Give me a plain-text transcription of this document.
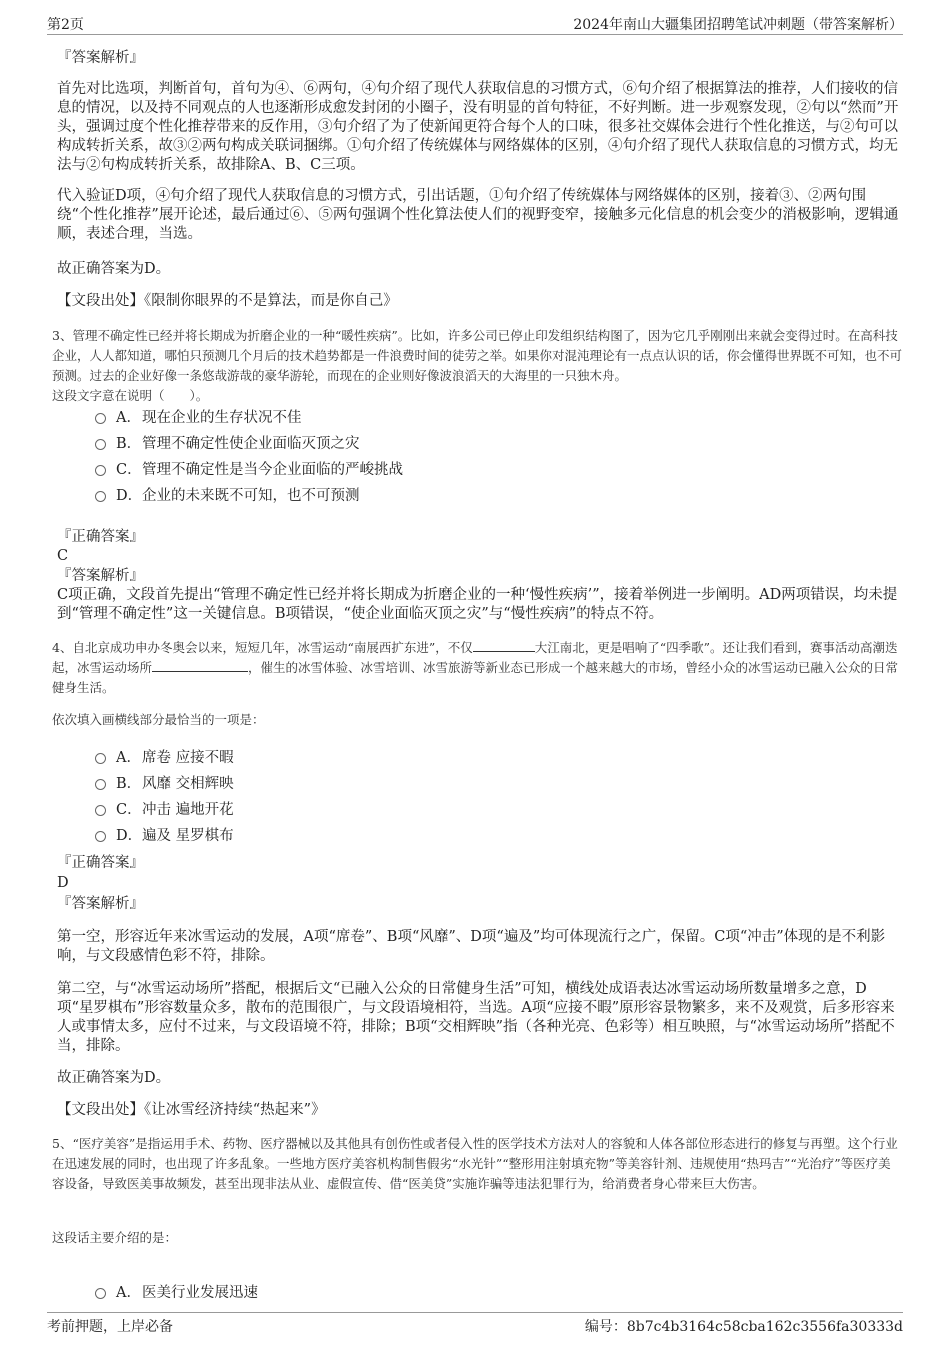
第2页	2024年南山大疆集团招聘笔试冲刺题（带答案解析）
『答案解析』
首先对比选项，判断首句，首句为④、⑥两句，④句介绍了现代人获取信息的习惯方式，⑥句介绍了根据算法的推荐，人们接收的信息的情况，以及持不同观点的人也逐渐形成愈发封闭的小圈子，没有明显的首句特征，不好判断。进一步观察发现，②句以“然而”开头，强调过度个性化推荐带来的反作用，③句介绍了为了使新闻更符合每个人的口味，很多社交媒体会进行个性化推送，与②句可以构成转折关系，故③②两句构成关联词捆绑。①句介绍了传统媒体与网络媒体的区别，④句介绍了现代人获取信息的习惯方式，均无法与②句构成转折关系，故排除A、B、C三项。
代入验证D项，④句介绍了现代人获取信息的习惯方式，引出话题，①句介绍了传统媒体与网络媒体的区别，接着③、②两句围绕“个性化推荐”展开论述，最后通过⑥、⑤两句强调个性化算法使人们的视野变窄，接触多元化信息的机会变少的消极影响，逻辑通顺，表述合理，当选。
故正确答案为D。
【文段出处】《限制你眼界的不是算法，而是你自己》
3、管理不确定性已经并将长期成为折磨企业的一种“暖性疾病”。比如，许多公司已停止印发组织结构图了，因为它几乎刚刚出来就会变得过时。在高科技企业，人人都知道，哪怕只预测几个月后的技术趋势都是一件浪费时间的徒劳之举。如果你对混沌理论有一点点认识的话，你会懂得世界既不可知，也不可预测。过去的企业好像一条悠哉游哉的豪华游轮，而现在的企业则好像波浪滔天的大海里的一只独木舟。
这段文字意在说明（　　）。
A．现在企业的生存状况不佳
B．管理不确定性使企业面临灭顶之灾
C．管理不确定性是当今企业面临的严峻挑战
D．企业的未来既不可知，也不可预测
『正确答案』
C
『答案解析』
C项正确，文段首先提出“管理不确定性已经并将长期成为折磨企业的一种‘慢性疾病’”，接着举例进一步阐明。AD两项错误，均未提到“管理不确定性”这一关键信息。B项错误，“使企业面临灭顶之灾”与“慢性疾病”的特点不符。
4、自北京成功申办冬奥会以来，短短几年，冰雪运动“南展西扩东进”，不仅	大江南北，更是唱响了“四季歌”。还让我们看到，赛事活动高潮迭起，冰雪运动场所	，催生的冰雪体验、冰雪培训、冰雪旅游等新业态已形成一个越来越大的市场，曾经小众的冰雪运动已融入公众的日常健身生活。
依次填入画横线部分最恰当的一项是：
A．席卷 应接不暇
B．风靡 交相辉映
C．冲击 遍地开花
D．遍及 星罗棋布
『正确答案』
D
『答案解析』
第一空，形容近年来冰雪运动的发展，A项“席卷”、B项“风靡”、D项“遍及”均可体现流行之广，保留。C项“冲击”体现的是不利影响，与文段感情色彩不符，排除。
第二空，与“冰雪运动场所”搭配，根据后文“已融入公众的日常健身生活”可知，横线处成语表达冰雪运动场所数量增多之意，D项“星罗棋布”形容数量众多，散布的范围很广，与文段语境相符，当选。A项“应接不暇”原形容景物繁多，来不及观赏，后多形容来人或事情太多，应付不过来，与文段语境不符，排除；B项“交相辉映”指（各种光亮、色彩等）相互映照，与“冰雪运动场所”搭配不当，排除。
故正确答案为D。
【文段出处】《让冰雪经济持续“热起来”》
5、“医疗美容”是指运用手术、药物、医疗器械以及其他具有创伤性或者侵入性的医学技术方法对人的容貌和人体各部位形态进行的修复与再塑。这个行业在迅速发展的同时，也出现了许多乱象。一些地方医疗美容机构制售假劣“水光针”“整形用注射填充物”等美容针剂、违规使用“热玛吉”“光治疗”等医疗美容设备，导致医美事故频发，甚至出现非法从业、虚假宣传、借“医美贷”实施诈骗等违法犯罪行为，给消费者身心带来巨大伤害。
这段话主要介绍的是：
A．医美行业发展迅速
考前押题，上岸必备	编号：8b7c4b3164c58cba162c3556fa30333d
